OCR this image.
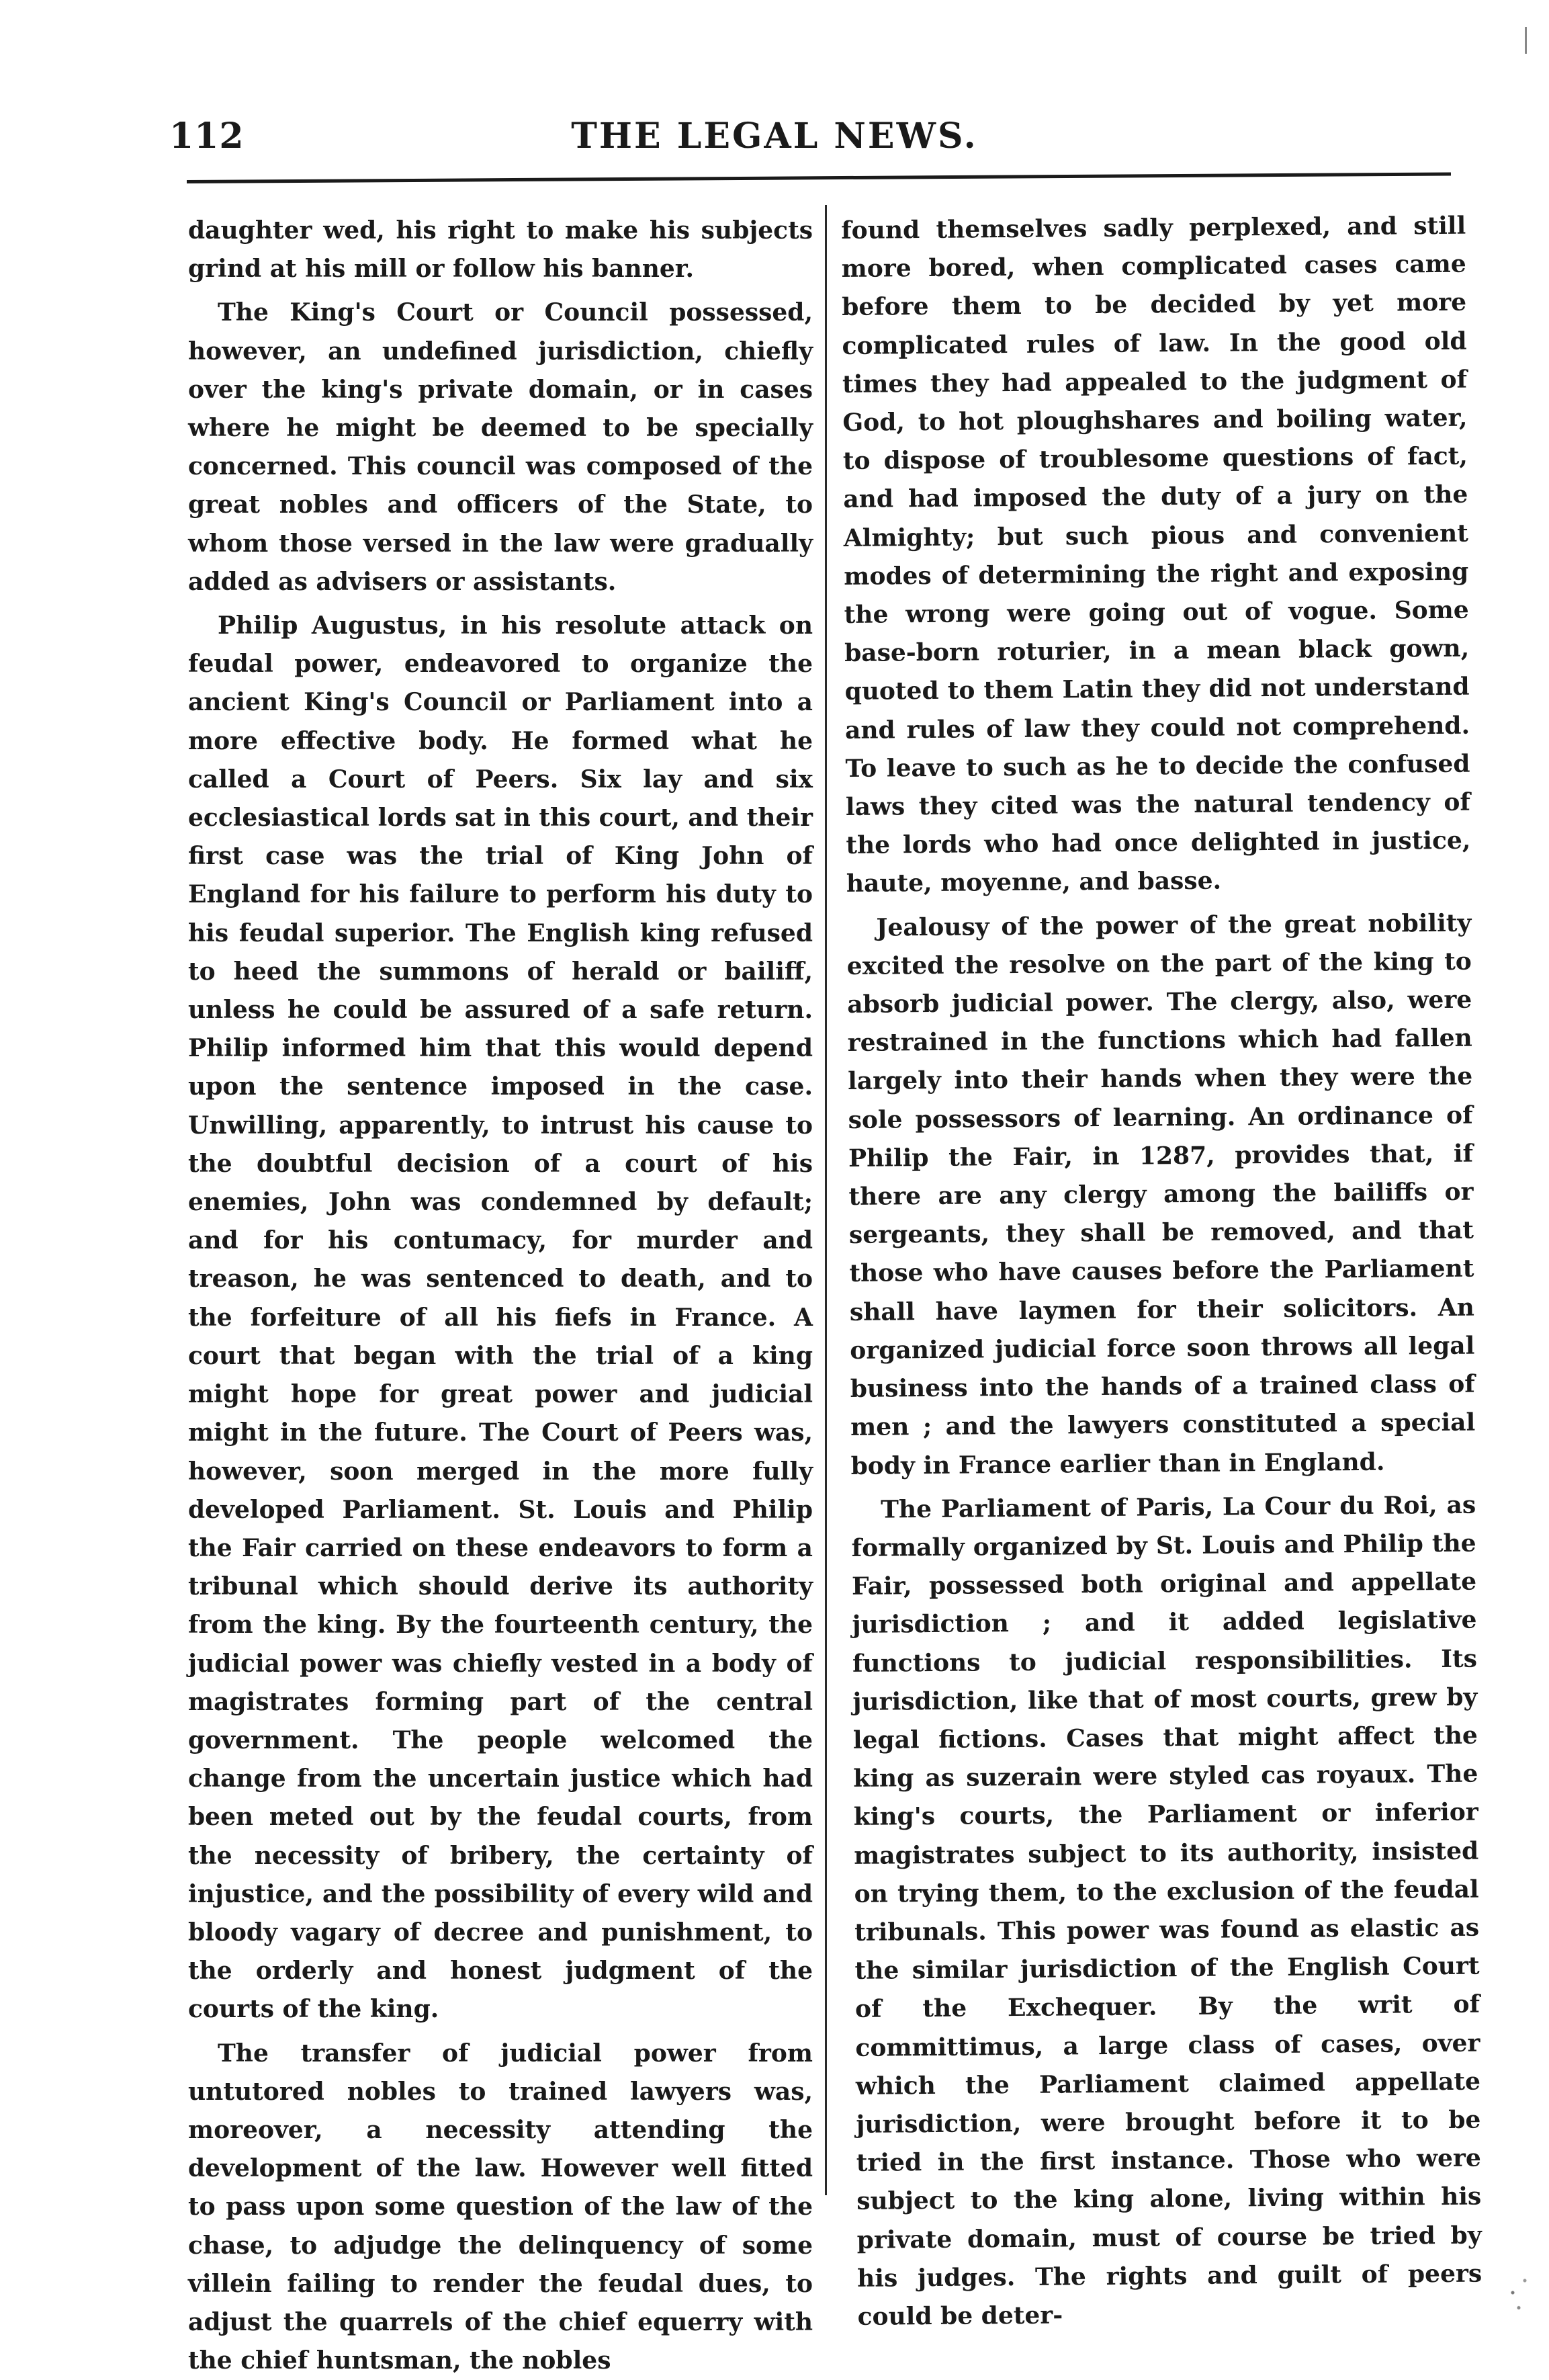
112	THE LEGAL NEWS.

daughter wed, his right to make his subjects grind at his mill or follow his banner.

The King's Court or Council possessed, however, an undefined jurisdiction, chiefly over the king's private domain, or in cases where he might be deemed to be specially concerned. This council was composed of the great nobles and officers of the State, to whom those versed in the law were gradually added as advisers or assistants.

Philip Augustus, in his resolute attack on feudal power, endeavored to organize the ancient King's Council or Parliament into a more effective body. He formed what he called a Court of Peers. Six lay and six ecclesiastical lords sat in this court, and their first case was the trial of King John of England for his failure to perform his duty to his feudal superior. The English king refused to heed the summons of herald or bailiff, unless he could be assured of a safe return. Philip informed him that this would depend upon the sentence imposed in the case. Unwilling, apparently, to intrust his cause to the doubtful decision of a court of his enemies, John was condemned by default; and for his contumacy, for murder and treason, he was sentenced to death, and to the forfeiture of all his fiefs in France. A court that began with the trial of a king might hope for great power and judicial might in the future. The Court of Peers was, however, soon merged in the more fully developed Parliament. St. Louis and Philip the Fair carried on these endeavors to form a tribunal which should derive its authority from the king. By the fourteenth century, the judicial power was chiefly vested in a body of magistrates forming part of the central government. The people welcomed the change from the uncertain justice which had been meted out by the feudal courts, from the necessity of bribery, the certainty of injustice, and the possibility of every wild and bloody vagary of decree and punishment, to the orderly and honest judgment of the courts of the king.

The transfer of judicial power from untutored nobles to trained lawyers was, moreover, a necessity attending the development of the law. However well fitted to pass upon some question of the law of the chase, to adjudge the delinquency of some villein failing to render the feudal dues, to adjust the quarrels of the chief equerry with the chief huntsman, the nobles

found themselves sadly perplexed, and still more bored, when complicated cases came before them to be decided by yet more complicated rules of law. In the good old times they had appealed to the judgment of God, to hot ploughshares and boiling water, to dispose of troublesome questions of fact, and had imposed the duty of a jury on the Almighty; but such pious and convenient modes of determining the right and exposing the wrong were going out of vogue. Some base-born roturier, in a mean black gown, quoted to them Latin they did not understand and rules of law they could not comprehend. To leave to such as he to decide the confused laws they cited was the natural tendency of the lords who had once delighted in justice, haute, moyenne, and basse.

Jealousy of the power of the great nobility excited the resolve on the part of the king to absorb judicial power. The clergy, also, were restrained in the functions which had fallen largely into their hands when they were the sole possessors of learning. An ordinance of Philip the Fair, in 1287, provides that, if there are any clergy among the bailiffs or sergeants, they shall be removed, and that those who have causes before the Parliament shall have laymen for their solicitors. An organized judicial force soon throws all legal business into the hands of a trained class of men ; and the lawyers constituted a special body in France earlier than in England.

The Parliament of Paris, La Cour du Roi, as formally organized by St. Louis and Philip the Fair, possessed both original and appellate jurisdiction ; and it added legislative functions to judicial responsibilities. Its jurisdiction, like that of most courts, grew by legal fictions. Cases that might affect the king as suzerain were styled cas royaux. The king's courts, the Parliament or inferior magistrates subject to its authority, insisted on trying them, to the exclusion of the feudal tribunals. This power was found as elastic as the similar jurisdiction of the English Court of the Exchequer. By the writ of committimus, a large class of cases, over which the Parliament claimed appellate jurisdiction, were brought before it to be tried in the first instance. Those who were subject to the king alone, living within his private domain, must of course be tried by his judges. The rights and guilt of peers could be deter-
